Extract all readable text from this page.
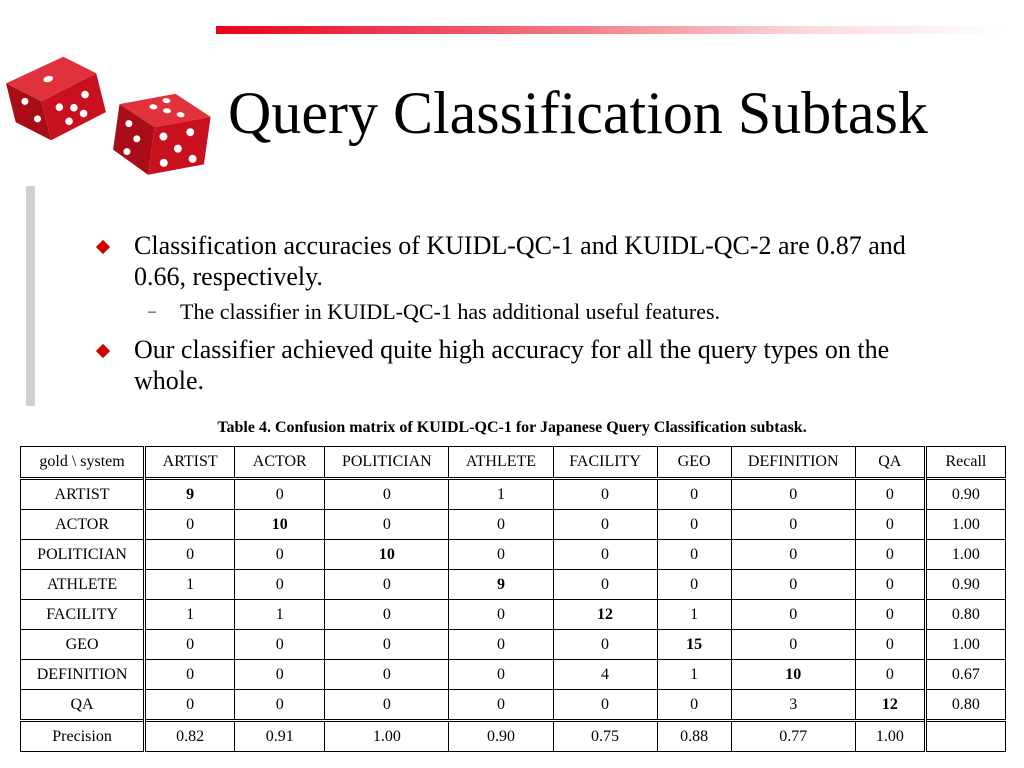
Query Classification Subtask
Classification accuracies of KUIDL-QC-1 and KUIDL-QC-2 are 0.87 and 0.66, respectively.
– The classifier in KUIDL-QC-1 has additional useful features.
Our classifier achieved quite high accuracy for all the query types on the whole.
Table 4. Confusion matrix of KUIDL-QC-1 for Japanese Query Classification subtask.
gold \ system	ARTIST	ACTOR	POLITICIAN	ATHLETE	FACILITY	GEO	DEFINITION	QA	Recall
ARTIST	9	0	0	1	0	0	0	0	0.90
ACTOR	0	10	0	0	0	0	0	0	1.00
POLITICIAN	0	0	10	0	0	0	0	0	1.00
ATHLETE	1	0	0	9	0	0	0	0	0.90
FACILITY	1	1	0	0	12	1	0	0	0.80
GEO	0	0	0	0	0	15	0	0	1.00
DEFINITION	0	0	0	0	4	1	10	0	0.67
QA	0	0	0	0	0	0	3	12	0.80
Precision	0.82	0.91	1.00	0.90	0.75	0.88	0.77	1.00	
